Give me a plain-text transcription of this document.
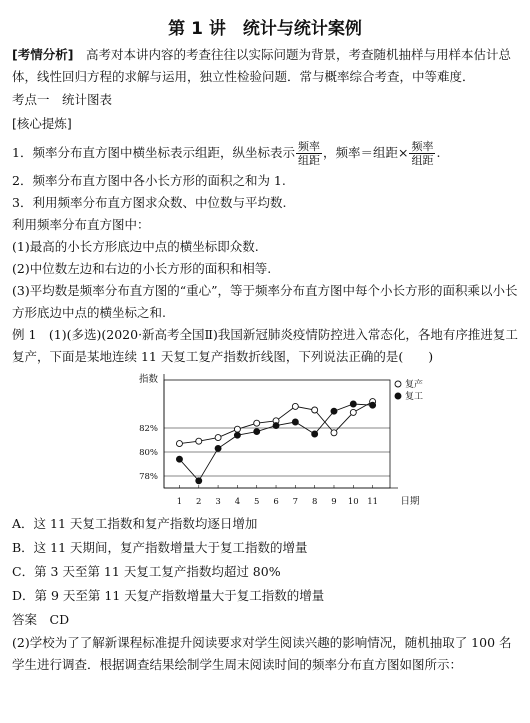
第 1 讲　统计与统计案例
[考情分析]　高考对本讲内容的考查往往以实际问题为背景，考查随机抽样与用样本估计总体，线性回归方程的求解与运用，独立性检验问题．常与概率综合考查，中等难度．
考点一　统计图表
[核心提炼]
1．频率分布直方图中横坐标表示组距，纵坐标表示 $\frac{\text{频率}}{\text{组距}}$ ，频率＝组距× $\frac{\text{频率}}{\text{组距}}$ .
2．频率分布直方图中各小长方形的面积之和为 1.
3．利用频率分布直方图求众数、中位数与平均数.
利用频率分布直方图中：
(1)最高的小长方形底边中点的横坐标即众数.
(2)中位数左边和右边的小长方形的面积和相等.
(3)平均数是频率分布直方图的“重心”，等于频率分布直方图中每个小长方形的面积乘以小长方形底边中点的横坐标之和.
例 1　(1)(多选)(2020·新高考全国Ⅱ)我国新冠肺炎疫情防控进入常态化，各地有序推进复工复产，下面是某地连续 11 天复工复产指数折线图，下列说法正确的是(　　)
指数
日期
78%
80%
82%
1 2 3 4 5 6 7 8 9 10 11
复产
复工
A．这 11 天复工指数和复产指数均逐日增加
B．这 11 天期间，复产指数增量大于复工指数的增量
C．第 3 天至第 11 天复工复产指数均超过 80%
D．第 9 天至第 11 天复产指数增量大于复工指数的增量
答案　CD
(2)学校为了了解新课程标准提升阅读要求对学生阅读兴趣的影响情况，随机抽取了 100 名学生进行调查．根据调查结果绘制学生周末阅读时间的频率分布直方图如图所示：
